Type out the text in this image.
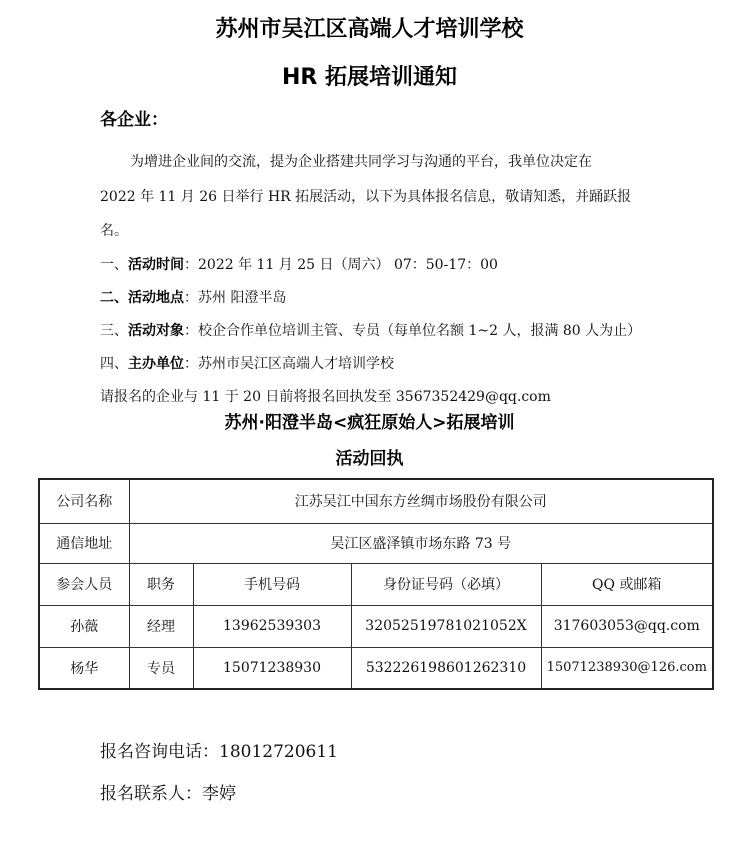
苏州市吴江区高端人才培训学校
HR 拓展培训通知
各企业：
为增进企业间的交流，提为企业搭建共同学习与沟通的平台，我单位决定在
2022 年 11 月 26 日举行 HR 拓展活动，以下为具体报名信息，敬请知悉，并踊跃报
名。
一、活动时间：2022 年 11 月 25 日（周六） 07：50-17：00
二、活动地点：苏州 阳澄半岛
三、活动对象：校企合作单位培训主管、专员（每单位名额 1~2 人，报满 80 人为止）
四、主办单位：苏州市吴江区高端人才培训学校
请报名的企业与 11 于 20 日前将报名回执发至 3567352429@qq.com
苏州·阳澄半岛<疯狂原始人>拓展培训
活动回执
公司名称	江苏吴江中国东方丝绸市场股份有限公司			
通信地址	吴江区盛泽镇市场东路 73 号			
参会人员	职务	手机号码	身份证号码（必填）	QQ 或邮箱
孙薇	经理	13962539303	32052519781021052X	317603053@qq.com
杨华	专员	15071238930	532226198601262310	15071238930@126.com
报名咨询电话：18012720611
报名联系人：李婷
